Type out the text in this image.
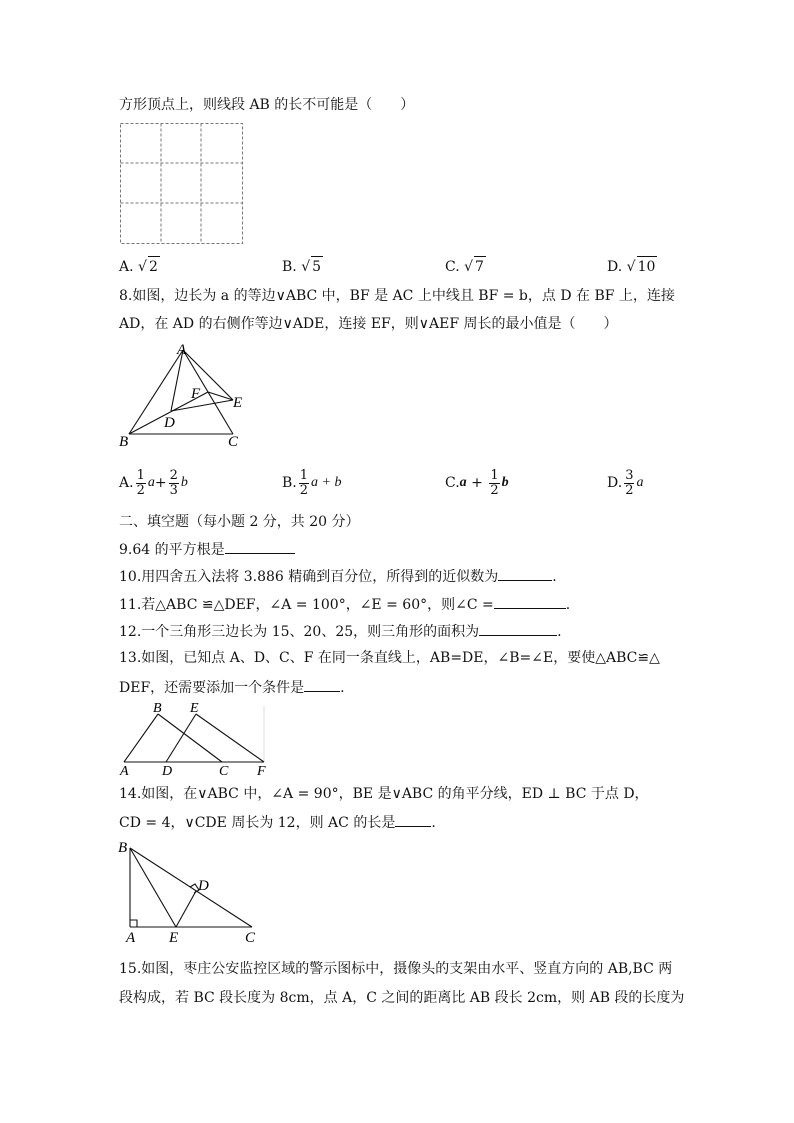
方形顶点上，则线段 AB 的长不可能是（　　）
A. √ 2	B. √ 5	C. √ 7	D. √ 10
8.如图，边长为 a 的等边∨ABC 中，BF 是 AC 上中线且 BF = b，点 D 在 BF 上，连接
AD，在 AD 的右侧作等边∨ADE，连接 EF，则∨AEF 周长的最小值是（　　）
A
B	C
D
E
F
A. $\frac{1}{2}$ $a + \frac{2}{3}$ b	B. $\frac{1}{2}$ a + b	C. $a + \frac{1}{2}$ b	D. $\frac{3}{2}$ a
二、填空题（每小题 2 分，共 20 分）
9.64 的平方根是
10.用四舍五入法将 3.886 精确到百分位，所得到的近似数为	.
11.若△ABC ≌△DEF，∠A = 100°，∠E = 60°，则∠C =	.
12.一个三角形三边长为 15、20、25，则三角形的面积为	.
13.如图，已知点 A、D、C、F 在同一条直线上，AB=DE，∠B=∠E，要使△ABC≌△
DEF，还需要添加一个条件是	.
A
B
C
D
E
F
14.如图，在∨ABC 中，∠A = 90°，BE 是∨ABC 的角平分线，ED ⊥ BC 于点 D，
CD = 4，∨CDE 周长为 12，则 AC 的长是	.
B
A E	C
D
15.如图，枣庄公安监控区域的警示图标中，摄像头的支架由水平、竖直方向的 AB,BC 两
段构成，若 BC 段长度为 8cm，点 A，C 之间的距离比 AB 段长 2cm，则 AB 段的长度为
